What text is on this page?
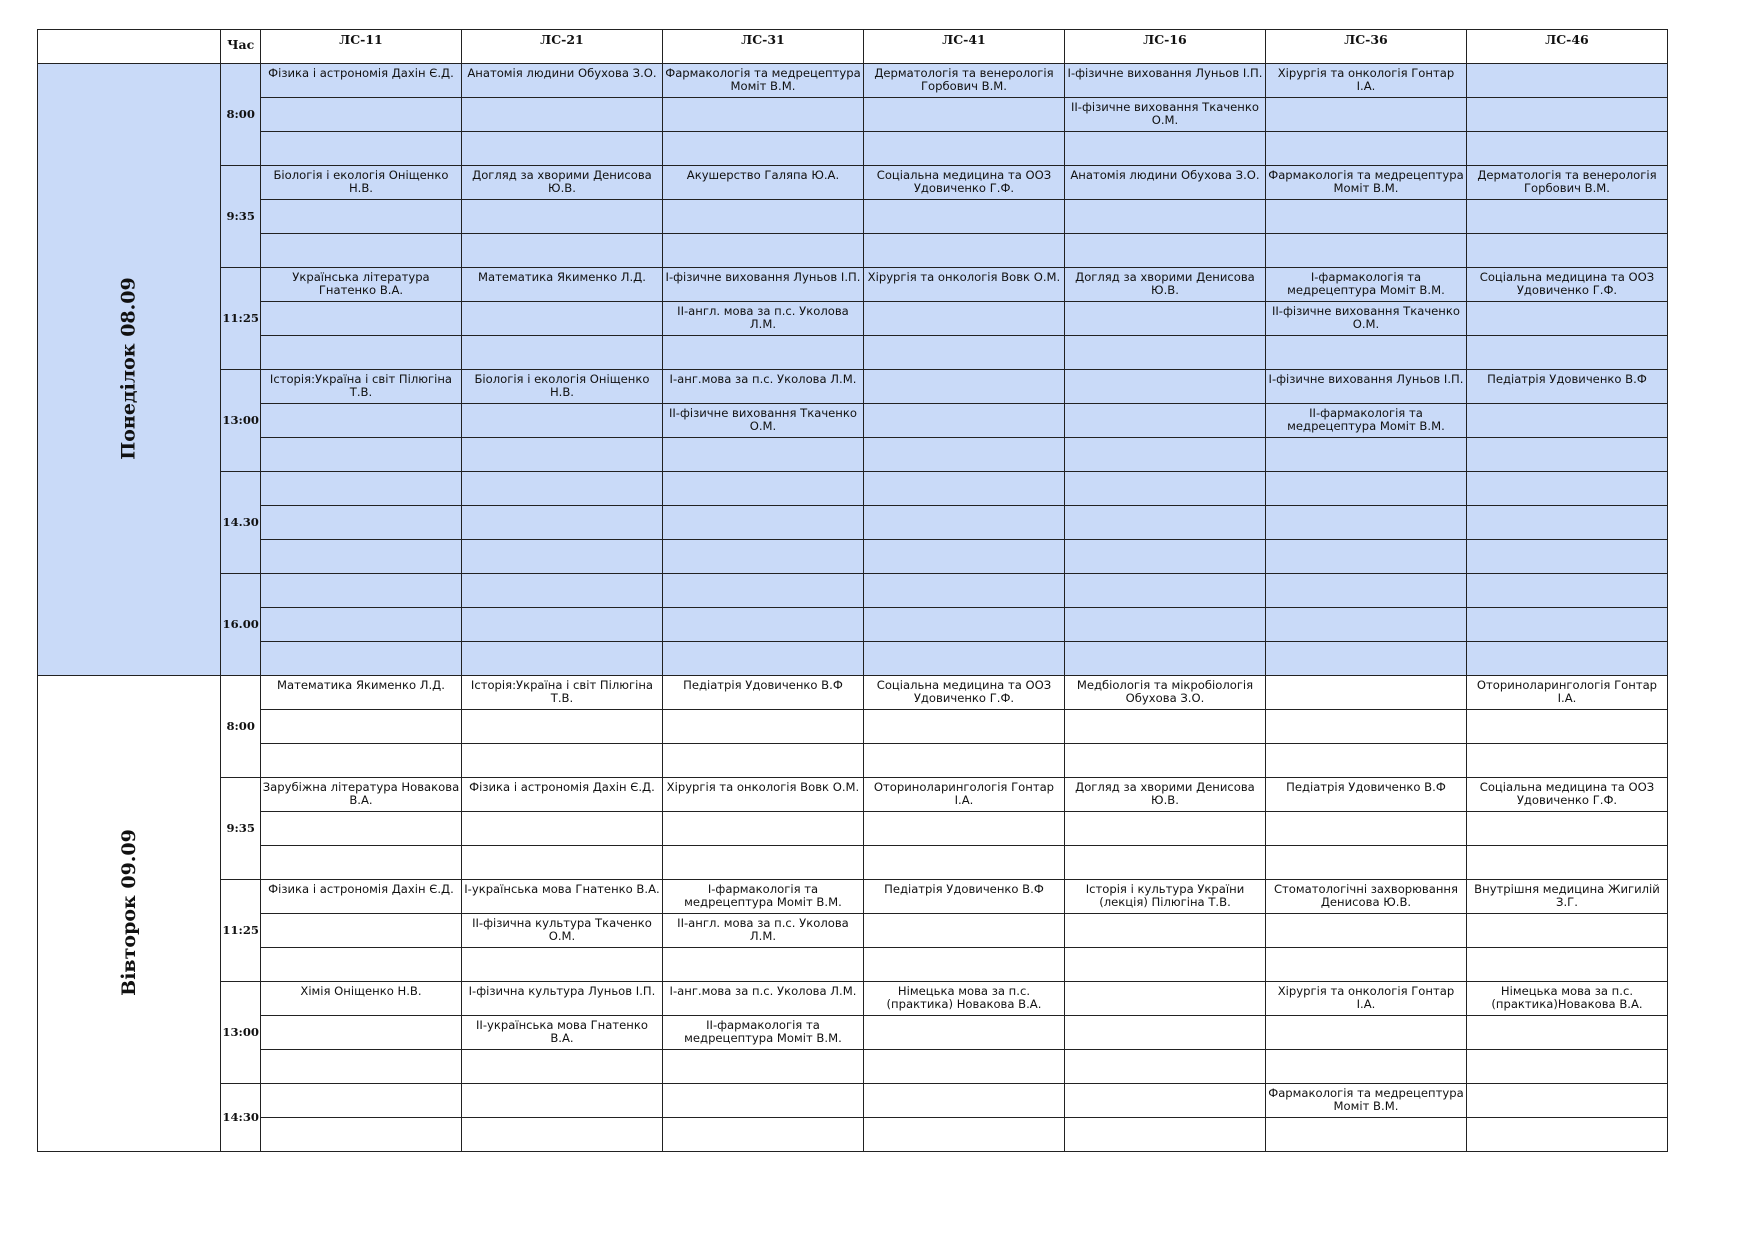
	Час	ЛС-11	ЛС-21	ЛС-31	ЛС-41	ЛС-16	ЛС-36	ЛС-46
Понеділок 08.09	8:00	Фізика і астрономія Дахін Є.Д.	Анатомія людини Обухова З.О.	Фармакологія та медрецептура Моміт В.М.	Дерматологія та венерологія Горбович В.М.	І-фізичне виховання Луньов І.П.	Хірургія та онкологія Гонтар І.А.	
						ІІ-фізичне виховання Ткаченко О.М.		

	9:35	Біологія і екологія Оніщенко Н.В.	Догляд за хворими Денисова Ю.В.	Акушерство Галяпа Ю.А.	Соціальна медицина та ООЗ Удовиченко Г.Ф.	Анатомія людини Обухова З.О.	Фармакологія та медрецептура Моміт В.М.	Дерматологія та венерологія Горбович В.М.

	11:25	Українська література Гнатенко В.А.	Математика Якименко Л.Д.	І-фізичне виховання Луньов І.П.	Хірургія та онкологія Вовк О.М.	Догляд за хворими Денисова Ю.В.	І-фармакологія та медрецептура Моміт В.М.	Соціальна медицина та ООЗ Удовиченко Г.Ф.
				ІІ-англ. мова за п.с. Уколова Л.М.			ІІ-фізичне виховання Ткаченко О.М.	

	13:00	Історія:Україна і світ Пілюгіна Т.В.	Біологія і екологія Оніщенко Н.В.	І-анг.мова за п.с. Уколова Л.М.			І-фізичне виховання Луньов І.П.	Педіатрія Удовиченко В.Ф
				ІІ-фізичне виховання Ткаченко О.М.			ІІ-фармакологія та медрецептура Моміт В.М.	

	14.30							

	16.00							

Вівторок 09.09	8:00	Математика Якименко Л.Д.	Історія:Україна і світ Пілюгіна Т.В.	Педіатрія Удовиченко В.Ф	Соціальна медицина та ООЗ Удовиченко Г.Ф.	Медбіологія та мікробіологія Обухова З.О.		Оториноларингологія Гонтар І.А.

	9:35	Зарубіжна література Новакова В.А.	Фізика і астрономія Дахін Є.Д.	Хірургія та онкологія Вовк О.М.	Оториноларингологія Гонтар І.А.	Догляд за хворими Денисова Ю.В.	Педіатрія Удовиченко В.Ф	Соціальна медицина та ООЗ Удовиченко Г.Ф.

	11:25	Фізика і астрономія Дахін Є.Д.	І-українська мова Гнатенко В.А.	І-фармакологія та медрецептура Моміт В.М.	Педіатрія Удовиченко В.Ф	Історія і культура України (лекція) Пілюгіна Т.В.	Стоматологічні захворювання Денисова Ю.В.	Внутрішня медицина Жигилій З.Г.
			ІІ-фізична культура Ткаченко О.М.	ІІ-англ. мова за п.с. Уколова Л.М.				

	13:00	Хімія Оніщенко Н.В.	І-фізична культура Луньов І.П.	І-анг.мова за п.с. Уколова Л.М.	Німецька мова за п.с. (практика) Новакова В.А.		Хірургія та онкологія Гонтар І.А.	Німецька мова за п.с. (практика)Новакова В.А.
			ІІ-українська мова Гнатенко В.А.	ІІ-фармакологія та медрецептура Моміт В.М.				

	14:30						Фармакологія та медрецептура Моміт В.М.	
